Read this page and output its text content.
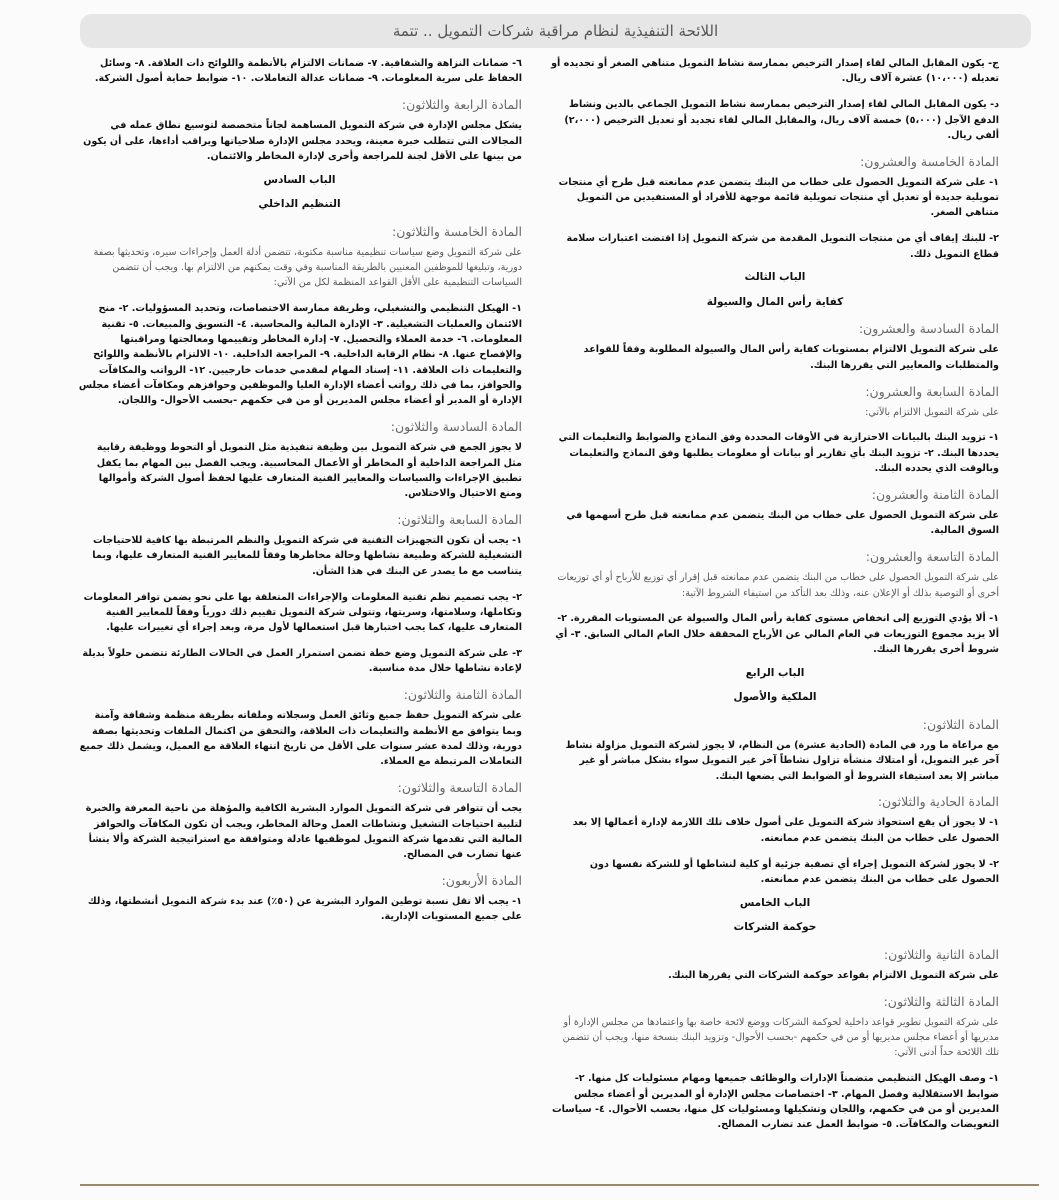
اللائحة التنفيذية لنظام مراقبة شركات التمويل .. تتمة
ج- يكون المقابل المالي لقاء إصدار الترخيص بممارسة نشاط التمويل متناهي الصغر أو تجديده أو تعديله (١٠،٠٠٠) عشرة آلاف ريال.
د- يكون المقابل المالي لقاء إصدار الترخيص بممارسة نشاط التمويل الجماعي بالدين ونشاط الدفع الآجل (٥،٠٠٠) خمسة آلاف ريال، والمقابل المالي لقاء تجديد أو تعديل الترخيص (٢،٠٠٠) ألفي ريال.
المادة الخامسة والعشرون:
١- على شركة التمويل الحصول على خطاب من البنك يتضمن عدم ممانعته قبل طرح أي منتجات تمويلية جديدة أو تعديل أي منتجات تمويلية قائمة موجهة للأفراد أو المستفيدين من التمويل متناهي الصغر.
٢- للبنك إيقاف أي من منتجات التمويل المقدمة من شركة التمويل إذا اقتضت اعتبارات سلامة قطاع التمويل ذلك.
الباب الثالث
كفاية رأس المال والسيولة
المادة السادسة والعشرون:
على شركة التمويل الالتزام بمستويات كفاية رأس المال والسيولة المطلوبة وفقاً للقواعد والمتطلبات والمعايير التي يقررها البنك.
المادة السابعة والعشرون:
على شركة التمويل الالتزام بالآتي:
١- تزويد البنك بالبيانات الاحترازية في الأوقات المحددة وفق النماذج والضوابط والتعليمات التي يحددها البنك. ٢- تزويد البنك بأي تقارير أو بيانات أو معلومات يطلبها وفق النماذج والتعليمات وبالوقت الذي يحدده البنك.
المادة الثامنة والعشرون:
على شركة التمويل الحصول على خطاب من البنك يتضمن عدم ممانعته قبل طرح أسهمها في السوق المالية.
المادة التاسعة والعشرون:
على شركة التمويل الحصول على خطاب من البنك يتضمن عدم ممانعته قبل إقرار أي توزيع للأرباح أو أي توزيعات أخرى أو التوصية بذلك أو الإعلان عنه، وذلك بعد التأكد من استيفاء الشروط الآتية:
١- ألا يؤدي التوزيع إلى انخفاض مستوى كفاية رأس المال والسيولة عن المستويات المقررة. ٢- ألا يزيد مجموع التوزيعات في العام المالي عن الأرباح المحققة خلال العام المالي السابق. ٣- أي شروط أخرى يقررها البنك.
الباب الرابع
الملكية والأصول
المادة الثلاثون:
مع مراعاة ما ورد في المادة (الحادية عشرة) من النظام، لا يجوز لشركة التمويل مزاولة نشاط آخر غير التمويل، أو امتلاك منشأة تزاول نشاطاً آخر غير التمويل سواء بشكل مباشر أو غير مباشر إلا بعد استيفاء الشروط أو الضوابط التي يضعها البنك.
المادة الحادية والثلاثون:
١- لا يجوز أن يقع استحواذ شركة التمويل على أصول خلاف تلك اللازمة لإدارة أعمالها إلا بعد الحصول على خطاب من البنك يتضمن عدم ممانعته.
٢- لا يجوز لشركة التمويل إجراء أي تصفية جزئية أو كلية لنشاطها أو للشركة نفسها دون الحصول على خطاب من البنك يتضمن عدم ممانعته.
الباب الخامس
حوكمة الشركات
المادة الثانية والثلاثون:
على شركة التمويل الالتزام بقواعد حوكمة الشركات التي يقررها البنك.
المادة الثالثة والثلاثون:
على شركة التمويل تطوير قواعد داخلية لحوكمة الشركات ووضع لائحة خاصة بها واعتمادها من مجلس الإدارة أو مديريها أو أعضاء مجلس مديريها أو من في حكمهم -بحسب الأحوال- وتزويد البنك بنسخة منها، ويجب أن تتضمن تلك اللائحة حداً أدنى الآتي:
١- وصف الهيكل التنظيمي متضمناً الإدارات والوظائف جميعها ومهام مسئوليات كل منها. ٢- ضوابط الاستقلالية وفصل المهام. ٣- اختصاصات مجلس الإدارة أو المديرين أو أعضاء مجلس المديرين أو من في حكمهم، واللجان وتشكيلها ومسئوليات كل منها، بحسب الأحوال. ٤- سياسات التعويضات والمكافآت. ٥- ضوابط العمل عند تضارب المصالح.
٦- ضمانات النزاهة والشفافية. ٧- ضمانات الالتزام بالأنظمة واللوائح ذات العلاقة. ٨- وسائل الحفاظ على سرية المعلومات. ٩- ضمانات عدالة التعاملات. ١٠- ضوابط حماية أصول الشركة.
المادة الرابعة والثلاثون:
يشكل مجلس الإدارة في شركة التمويل المساهمة لجاناً متخصصة لتوسيع نطاق عمله في المجالات التي تتطلب خبرة معينة، ويحدد مجلس الإدارة صلاحياتها ويراقب أداءها، على أن يكون من بينها على الأقل لجنة للمراجعة وأخرى لإدارة المخاطر والائتمان.
الباب السادس
التنظيم الداخلي
المادة الخامسة والثلاثون:
على شركة التمويل وضع سياسات تنظيمية مناسبة مكتوبة، تتضمن أدلة العمل وإجراءات سيره، وتحديثها بصفة دورية، وتبليغها للموظفين المعنيين بالطريقة المناسبة وفي وقت يمكنهم من الالتزام بها. ويجب أن تتضمن السياسات التنظيمية على الأقل القواعد المنظمة لكل من الآتي:
١- الهيكل التنظيمي والتشغيلي، وطريقة ممارسة الاختصاصات، وتحديد المسؤوليات. ٢- منح الائتمان والعمليات التشغيلية. ٣- الإدارة المالية والمحاسبة. ٤- التسويق والمبيعات. ٥- تقنية المعلومات. ٦- خدمة العملاء والتحصيل. ٧- إدارة المخاطر وتقييمها ومعالجتها ومراقبتها والإفصاح عنها. ٨- نظام الرقابة الداخلية. ٩- المراجعة الداخلية. ١٠- الالتزام بالأنظمة واللوائح والتعليمات ذات العلاقة. ١١- إسناد المهام لمقدمي خدمات خارجيين. ١٢- الرواتب والمكافآت والحوافز، بما في ذلك رواتب أعضاء الإدارة العليا والموظفين وحوافزهم ومكافآت أعضاء مجلس الإدارة أو المدير أو أعضاء مجلس المديرين أو من في حكمهم -بحسب الأحوال- واللجان.
المادة السادسة والثلاثون:
لا يجوز الجمع في شركة التمويل بين وظيفة تنفيذية مثل التمويل أو التحوط ووظيفة رقابية مثل المراجعة الداخلية أو المخاطر أو الأعمال المحاسبية. ويجب الفصل بين المهام بما يكفل تطبيق الإجراءات والسياسات والمعايير الفنية المتعارف عليها لحفظ أصول الشركة وأموالها ومنع الاحتيال والاختلاس.
المادة السابعة والثلاثون:
١- يجب أن تكون التجهيزات التقنية في شركة التمويل والنظم المرتبطة بها كافية للاحتياجات التشغيلية للشركة وطبيعة نشاطها وحالة مخاطرها وفقاً للمعايير الفنية المتعارف عليها، وبما يتناسب مع ما يصدر عن البنك في هذا الشأن.
٢- يجب تصميم نظم تقنية المعلومات والإجراءات المتعلقة بها على نحو يضمن توافر المعلومات وتكاملها، وسلامتها، وسريتها، وتتولى شركة التمويل تقييم ذلك دورياً وفقاً للمعايير الفنية المتعارف عليها، كما يجب اختبارها قبل استعمالها لأول مرة، وبعد إجراء أي تغييرات عليها.
٣- على شركة التمويل وضع خطة تضمن استمرار العمل في الحالات الطارئة تتضمن حلولاً بديلة لإعادة نشاطها خلال مدة مناسبة.
المادة الثامنة والثلاثون:
على شركة التمويل حفظ جميع وثائق العمل وسجلاته وملفاته بطريقة منظمة وشفافة وآمنة وبما يتوافق مع الأنظمة والتعليمات ذات العلاقة، والتحقق من اكتمال الملفات وتحديثها بصفة دورية، وذلك لمدة عشر سنوات على الأقل من تاريخ انتهاء العلاقة مع العميل، ويشمل ذلك جميع التعاملات المرتبطة مع العملاء.
المادة التاسعة والثلاثون:
يجب أن تتوافر في شركة التمويل الموارد البشرية الكافية والمؤهلة من ناحية المعرفة والخبرة لتلبية احتياجات التشغيل ونشاطات العمل وحالة المخاطر، ويجب أن تكون المكافآت والحوافز المالية التي تقدمها شركة التمويل لموظفيها عادلة ومتوافقة مع استراتيجية الشركة وألا ينشأ عنها تضارب في المصالح.
المادة الأربعون:
١- يجب ألا تقل نسبة توطين الموارد البشرية عن (٥٠٪) عند بدء شركة التمويل أنشطتها، وذلك على جميع المستويات الإدارية.
